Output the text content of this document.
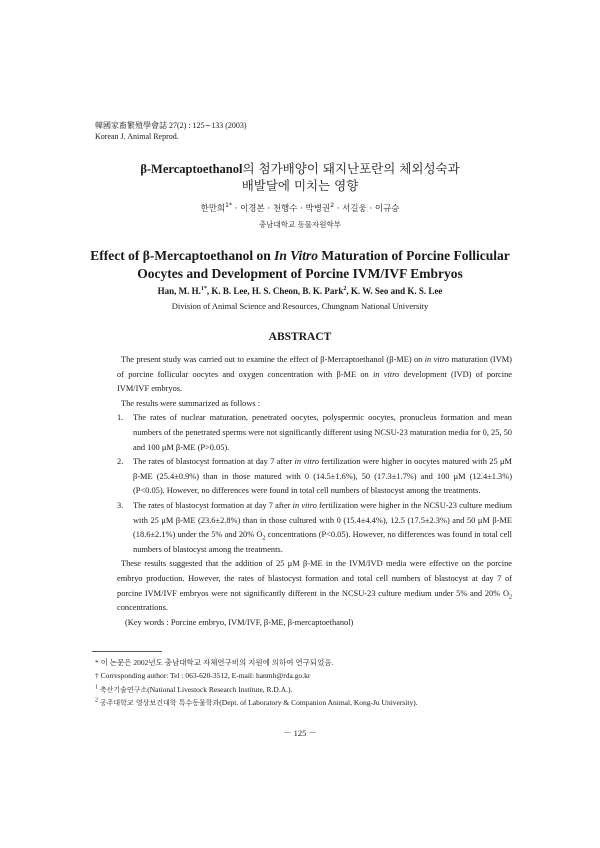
韓國家畜繁殖學會誌 27(2) : 125∼133 (2003)
Korean J. Animal Reprod.
β-Mercaptoethanol의 첨가배양이 돼지난포란의 체외성숙과
배발달에 미치는 영향
한만희$^{1*}$ · 이경본 · 천행수 · 박병권$^2$ · 서길웅 · 이규승
충남대학교 동물자원학부
Effect of β-Mercaptoethanol on In Vitro Maturation of Porcine Follicular
Oocytes and Development of Porcine IVM/IVF Embryos
Han, M. H.$^{1*}$, K. B. Lee, H. S. Cheon, B. K. Park$^2$, K. W. Seo and K. S. Lee
Division of Animal Science and Resources, Chungnam National University
ABSTRACT

The present study was carried out to examine the effect of β-Mercaptoethanol (β-ME) on in vitro maturation (IVM) of porcine follicular oocytes and oxygen concentration with β-ME on in vitro development (IVD) of porcine IVM/IVF embryos.

The results were summarized as follows :

1. The rates of nuclear maturation, penetrated oocytes, polyspermic oocytes, pronucleus formation and mean numbers of the penetrated sperms were not significantly different using NCSU-23 maturation media for 0, 25, 50 and 100 μM β-ME (P>0.05).
2. The rates of blastocyst formation at day 7 after in vitro fertilization were higher in oocytes matured with 25 μM β-ME (25.4±0.9%) than in those matured with 0 (14.5±1.6%), 50 (17.3±1.7%) and 100 μM (12.4±1.3%) (P<0.05). However, no differences were found in total cell numbers of blastocyst among the treatments.
3. The rates of blastocyst formation at day 7 after in vitro fertilization were higher in the NCSU-23 culture medium with 25 μM β-ME (23.6±2.8%) than in those cultured with 0 (15.4±4.4%), 12.5 (17.5±2.3%) and 50 μM β-ME (18.6±2.1%) under the 5% and 20% $O_2$ concentrations (P<0.05). However, no differences was found in total cell numbers of blastocyst among the treatments.

These results suggested that the addition of 25 μM β-ME in the IVM/IVD media were effective on the porcine embryo production. However, the rates of blastocyst formation and total cell numbers of blastocyst at day 7 of porcine IVM/IVF embryos were not significantly different in the NCSU-23 culture medium under 5% and 20% $O_2$ concentrations.

(Key words : Porcine embryo, IVM/IVF, β-ME, β-mercaptoethanol)

* 이 논문은 2002년도 충남대학교 자체연구비의 지원에 의하여 연구되었음.
† Corresponding author: Tel : 063-620-3512, E-mail: hanmh@rda.go.kr
$^1$ 축산기술연구소(National Livestock Research Institute, R.D.A.).
$^2$ 공주대학교 영상보건대학 특수동물학과(Dept. of Laboratory & Companion Animal, Kong-Ju University).
－ 125 －
